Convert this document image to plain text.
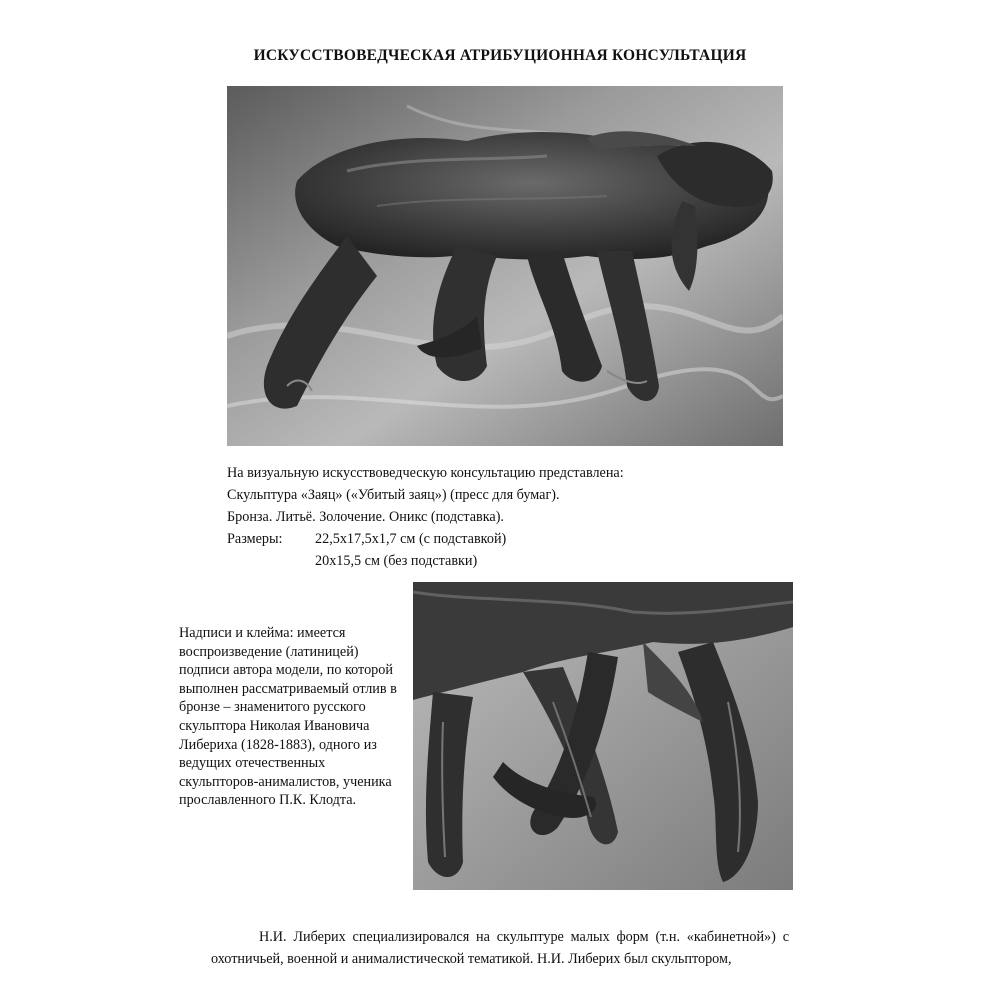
ИСКУССТВОВЕДЧЕСКАЯ АТРИБУЦИОННАЯ КОНСУЛЬТАЦИЯ
На визуальную искусствоведческую консультацию представлена:
Скульптура «Заяц» («Убитый заяц») (пресс для бумаг).
Бронза. Литьё. Золочение. Оникс (подставка).
Размеры:	22,5х17,5х1,7 см (с подставкой)
20х15,5 см (без подставки)
Надписи и клейма: имеется воспроизведение (латиницей) подписи автора модели, по которой выполнен рассматриваемый отлив в бронзе – знаменитого русского скульптора Николая Ивановича Либериха (1828-1883), одного из ведущих отечественных скульпторов-анималистов, ученика прославленного П.К. Клодта.
Н.И. Либерих специализировался на скульптуре малых форм (т.н. «кабинетной») с охотничьей, военной и анималистической тематикой. Н.И. Либерих был скульптором,
